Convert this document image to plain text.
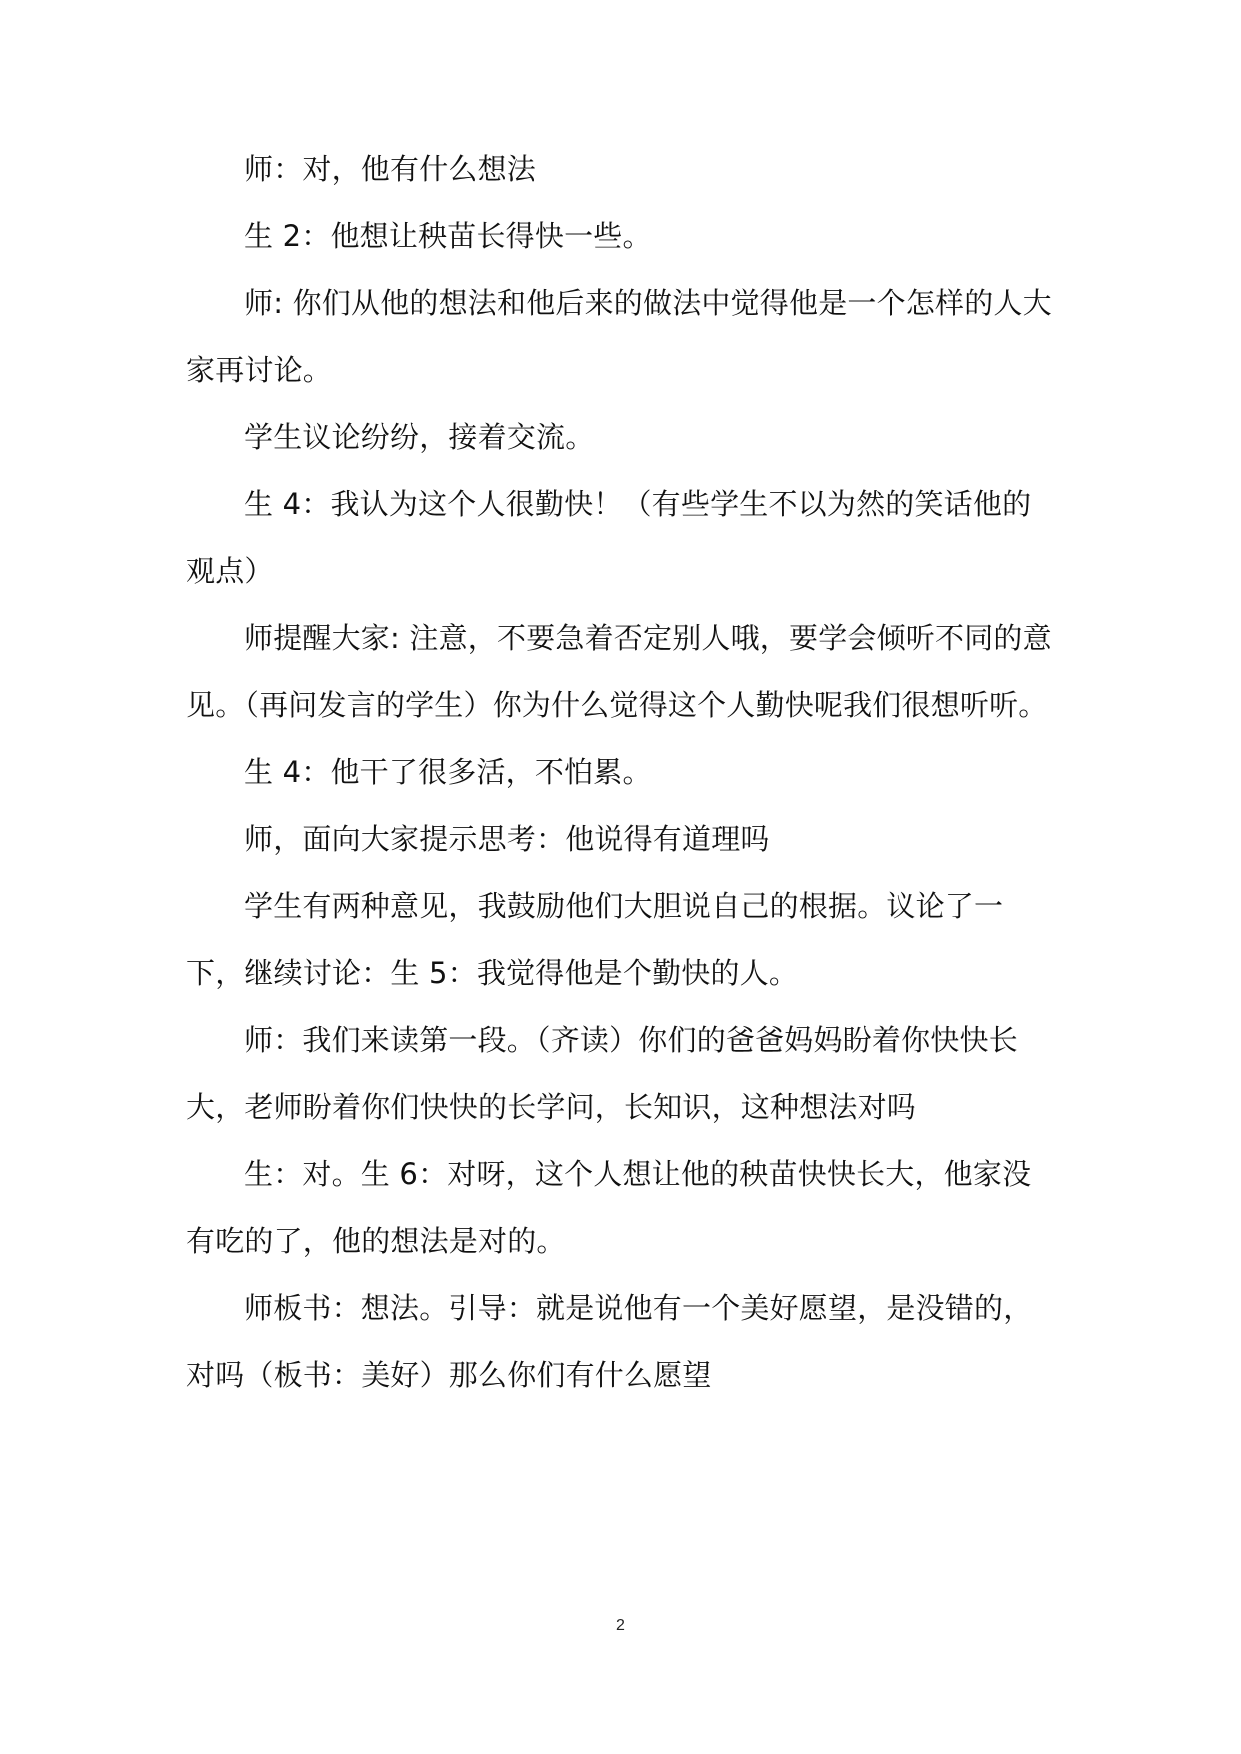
师：对，他有什么想法

生 2：他想让秧苗长得快一些。

师: 你们从他的想法和他后来的做法中觉得他是一个怎样的人大家再讨论。

学生议论纷纷，接着交流。

生 4：我认为这个人很勤快！（有些学生不以为然的笑话他的观点）

师提醒大家: 注意，不要急着否定别人哦，要学会倾听不同的意见。（再问发言的学生）你为什么觉得这个人勤快呢我们很想听听。

生 4：他干了很多活，不怕累。

师，面向大家提示思考：他说得有道理吗

学生有两种意见，我鼓励他们大胆说自己的根据。议论了一下，继续讨论：生 5：我觉得他是个勤快的人。

师：我们来读第一段。（齐读）你们的爸爸妈妈盼着你快快长大，老师盼着你们快快的长学问，长知识，这种想法对吗

生：对。生 6：对呀，这个人想让他的秧苗快快长大，他家没有吃的了，他的想法是对的。

师板书：想法。引导：就是说他有一个美好愿望，是没错的，对吗（板书：美好）那么你们有什么愿望

2
